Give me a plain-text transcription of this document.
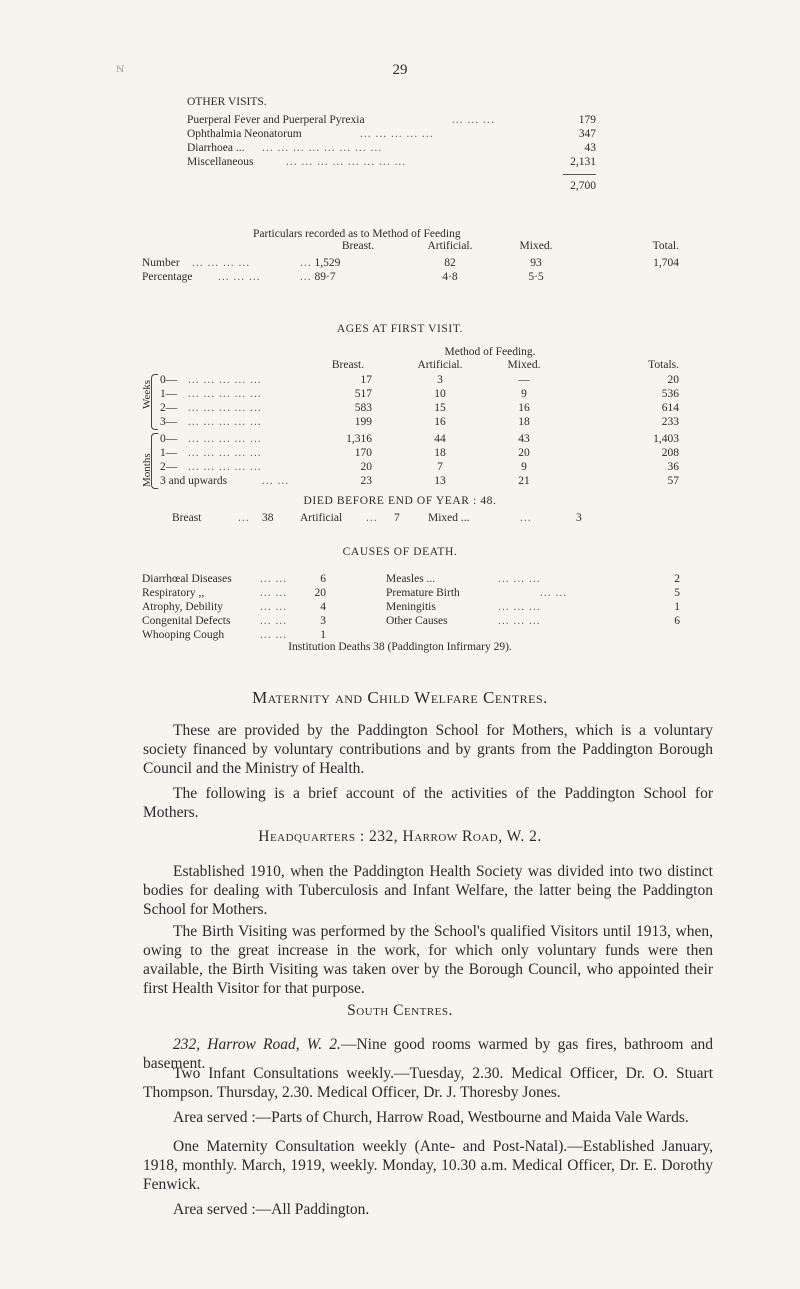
ℕ	29
OTHER VISITS.
Puerperal Fever and Puerperal Pyrexia	... ... ...	179
Ophthalmia Neonatorum	... ... ... ... ...	347
Diarrhoea ... ... ... ... ... ... ... ... ...	43
Miscellaneous	... ... ... ... ... ... ... ...	2,131
2,700
Particulars recorded as to Method of Feeding
Breast.	Artificial.	Mixed.	Total.
Number ... ... ... ...	... 1,529	82	93	1,704
Percentage ... ... ...	... 89·7	4·8	5·5
AGES AT FIRST VISIT.
Method of Feeding.
Breast.	Artificial.	Mixed.	Totals.
Weeks
Months
0— ... ... ... ... ...	17	3	—	20
1— ... ... ... ... ...	517	10	9	536
2— ... ... ... ... ...	583	15	16	614
3— ... ... ... ... ...	199	16	18	233
0— ... ... ... ... ...	1,316	44	43	1,403
1— ... ... ... ... ...	170	18	20	208
2— ... ... ... ... ...	20	7	9	36
3 and upwards	... ...	23	13	21	57
DIED BEFORE END OF YEAR : 48.
Breast	... 38 Artificial ... 7 Mixed ...	...	3
CAUSES OF DEATH.
Diarrhœal Diseases ... ...	6
Respiratory ,,	... ...	20
Atrophy, Debility	... ...	4
Congenital Defects	... ...	3
Whooping Cough	... ...	1
Measles ...	... ... ...	2
Premature Birth	... ...	5
Meningitis	... ... ...	1
Other Causes	... ... ...	6
Institution Deaths 38 (Paddington Infirmary 29).
Maternity and Child Welfare Centres.
These are provided by the Paddington School for Mothers, which is a voluntary society financed by voluntary contributions and by grants from the Paddington Borough Council and the Ministry of Health.
The following is a brief account of the activities of the Paddington School for Mothers.
Headquarters : 232, Harrow Road, W. 2.
Established 1910, when the Paddington Health Society was divided into two distinct bodies for dealing with Tuberculosis and Infant Welfare, the latter being the Paddington School for Mothers.
The Birth Visiting was performed by the School's qualified Visitors until 1913, when, owing to the great increase in the work, for which only voluntary funds were then available, the Birth Visiting was taken over by the Borough Council, who appointed their first Health Visitor for that purpose.
South Centres.
232, Harrow Road, W. 2.—Nine good rooms warmed by gas fires, bathroom and basement.
Two Infant Consultations weekly.—Tuesday, 2.30. Medical Officer, Dr. O. Stuart Thompson. Thursday, 2.30. Medical Officer, Dr. J. Thoresby Jones.
Area served :—Parts of Church, Harrow Road, Westbourne and Maida Vale Wards.
One Maternity Consultation weekly (Ante- and Post-Natal).—Established January, 1918, monthly. March, 1919, weekly. Monday, 10.30 a.m. Medical Officer, Dr. E. Dorothy Fenwick.
Area served :—All Paddington.
